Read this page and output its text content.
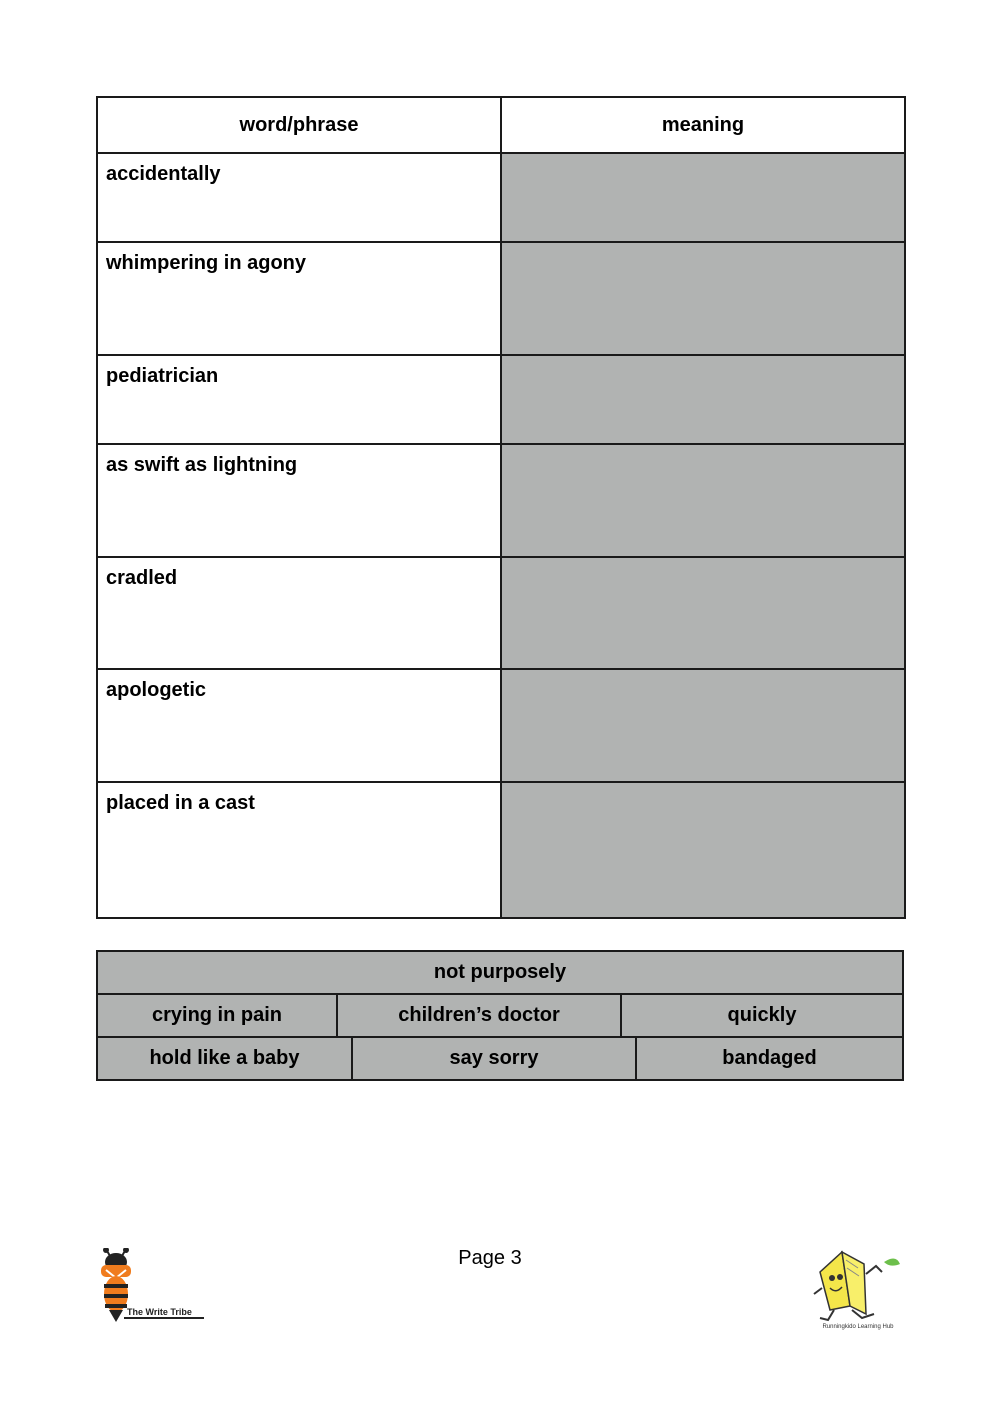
word/phrase	meaning
accidentally	
whimpering in agony	
pediatrician	
as swift as lightning	
cradled	
apologetic	
placed in a cast	
not purposely
crying in pain	children’s doctor	quickly
hold like a baby	say sorry	bandaged
Page 3
The Write Tribe
Runningkido Learning Hub
